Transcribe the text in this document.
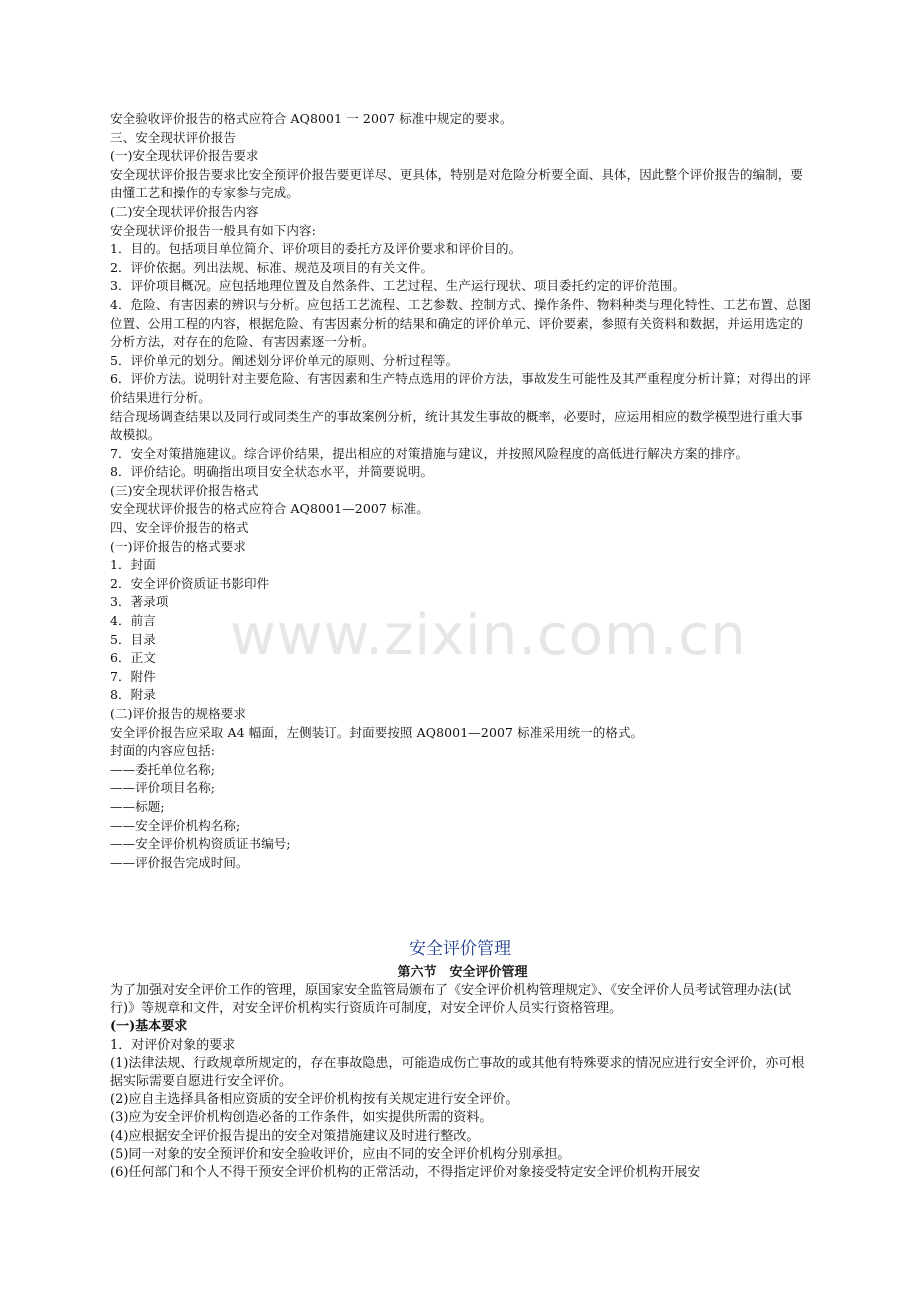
安全验收评价报告的格式应符合 AQ8001 一 2007 标准中规定的要求。

三、安全现状评价报告

(一)安全现状评价报告要求

安全现状评价报告要求比安全预评价报告要更详尽、更具体，特别是对危险分析要全面、具体，因此整个评价报告的编制，要由懂工艺和操作的专家参与完成。

(二)安全现状评价报告内容

安全现状评价报告一般具有如下内容:

1．目的。包括项目单位简介、评价项目的委托方及评价要求和评价目的。

2．评价依据。列出法规、标准、规范及项目的有关文件。

3．评价项目概况。应包括地理位置及自然条件、工艺过程、生产运行现状、项目委托约定的评价范围。

4．危险、有害因素的辨识与分析。应包括工艺流程、工艺参数、控制方式、操作条件、物料种类与理化特性、工艺布置、总图位置、公用工程的内容，根据危险、有害因素分析的结果和确定的评价单元、评价要素，参照有关资料和数据，并运用选定的分析方法，对存在的危险、有害因素逐一分析。

5．评价单元的划分。阐述划分评价单元的原则、分析过程等。

6．评价方法。说明针对主要危险、有害因素和生产特点选用的评价方法，事故发生可能性及其严重程度分析计算；对得出的评价结果进行分析。

结合现场调查结果以及同行或同类生产的事故案例分析，统计其发生事故的概率，必要时，应运用相应的数学模型进行重大事故模拟。

7．安全对策措施建议。综合评价结果，提出相应的对策措施与建议，并按照风险程度的高低进行解决方案的排序。

8．评价结论。明确指出项目安全状态水平，并简要说明。

(三)安全现状评价报告格式

安全现状评价报告的格式应符合 AQ8001—2007 标准。

四、安全评价报告的格式

(一)评价报告的格式要求

1．封面

2．安全评价资质证书影印件

3．著录项

4．前言

5．目录

6．正文

7．附件

8．附录

(二)评价报告的规格要求

安全评价报告应采取 A4 幅面，左侧装订。封面要按照 AQ8001—2007 标准采用统一的格式。

封面的内容应包括:

——委托单位名称;

——评价项目名称;

——标题;

——安全评价机构名称;

——安全评价机构资质证书编号;

——评价报告完成时间。

www.zixin.com.cn
安全评价管理

第六节　安全评价管理

为了加强对安全评价工作的管理，原国家安全监管局颁布了《安全评价机构管理规定》、《安全评价人员考试管理办法(试行)》等规章和文件，对安全评价机构实行资质许可制度，对安全评价人员实行资格管理。

(一)基本要求

1．对评价对象的要求

(1)法律法规、行政规章所规定的，存在事故隐患，可能造成伤亡事故的或其他有特殊要求的情况应进行安全评价，亦可根据实际需要自愿进行安全评价。

(2)应自主选择具备相应资质的安全评价机构按有关规定进行安全评价。

(3)应为安全评价机构创造必备的工作条件，如实提供所需的资料。

(4)应根据安全评价报告提出的安全对策措施建议及时进行整改。

(5)同一对象的安全预评价和安全验收评价，应由不同的安全评价机构分别承担。

(6)任何部门和个人不得干预安全评价机构的正常活动，不得指定评价对象接受特定安全评价机构开展安
